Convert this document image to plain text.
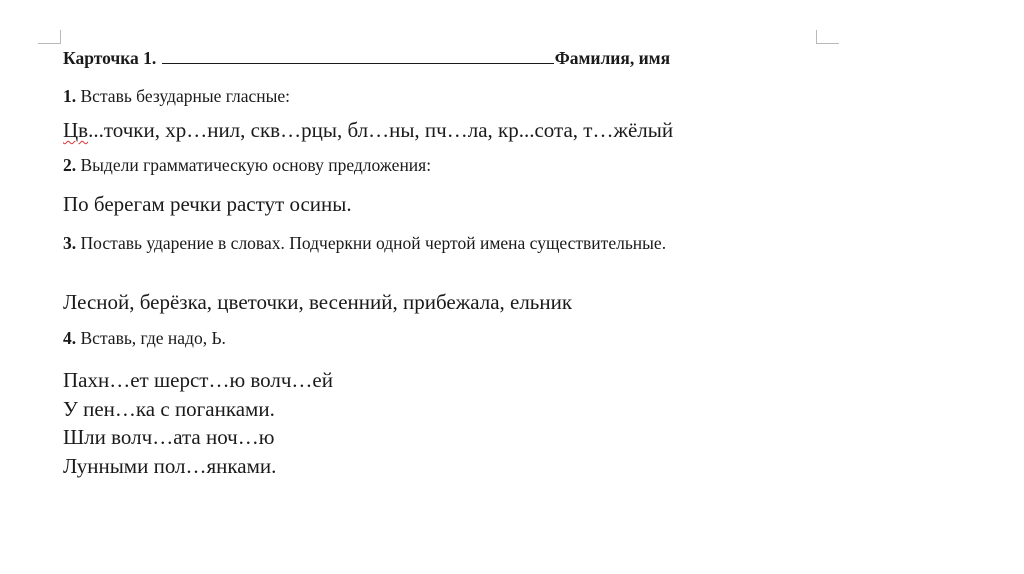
Карточка 1.	Фамилия, имя

1. Вставь безударные гласные:

Цв...точки, хр…нил, скв…рцы, бл…ны, пч…ла, кр...сота, т…жёлый

2. Выдели грамматическую основу предложения:

По берегам речки растут осины.

3. Поставь ударение в словах. Подчеркни одной чертой имена существительные.

Лесной, берёзка, цветочки, весенний, прибежала, ельник

4. Вставь, где надо, Ь.

Пахн…ет шерст…ю волч…ей
У пен…ка с поганками.
Шли волч…ата ноч…ю
Лунными пол…янками.
